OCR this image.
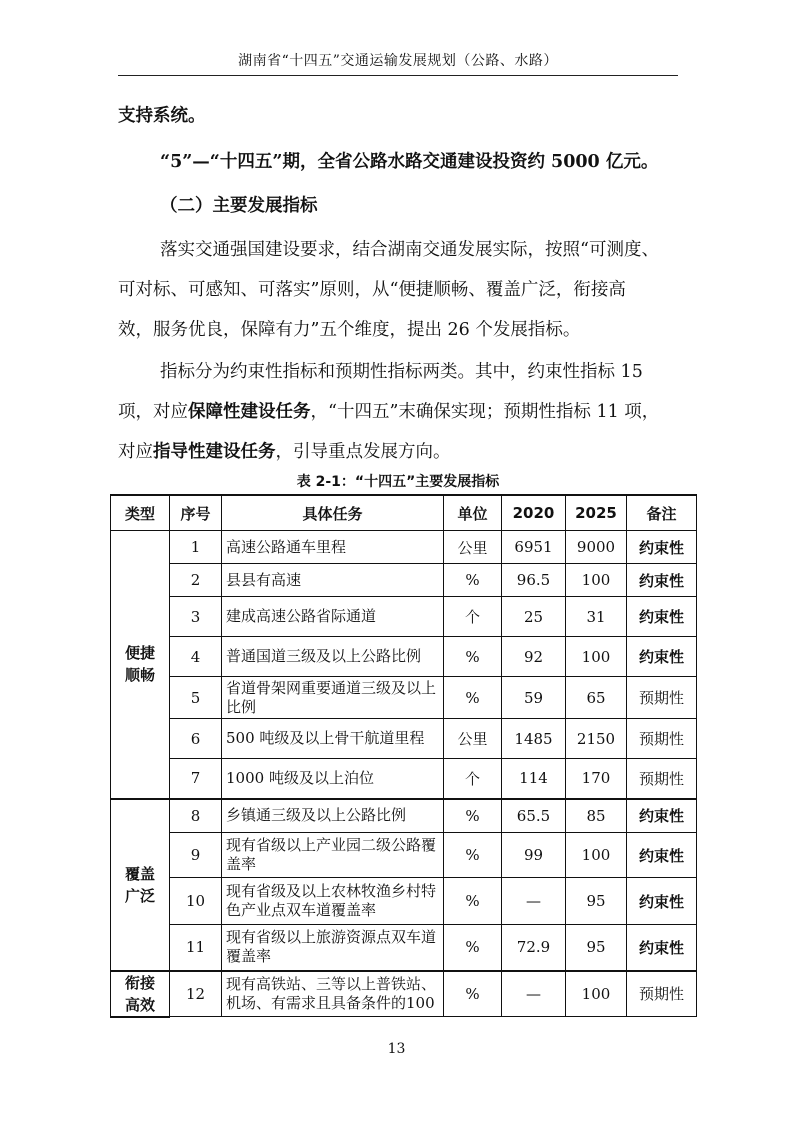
湖南省“十四五”交通运输发展规划（公路、水路）
支持系统。
“5”—“十四五”期，全省公路水路交通建设投资约 5000 亿元。
（二）主要发展指标
落实交通强国建设要求，结合湖南交通发展实际，按照“可测度、
可对标、可感知、可落实”原则，从“便捷顺畅、覆盖广泛，衔接高
效，服务优良，保障有力”五个维度，提出 26 个发展指标。
指标分为约束性指标和预期性指标两类。其中，约束性指标 15
项，对应保障性建设任务，“十四五”末确保实现；预期性指标 11 项，
对应指导性建设任务，引导重点发展方向。
表 2-1：“十四五”主要发展指标
类型	序号	具体任务	单位	2020	2025	备注
便捷
顺畅	1	高速公路通车里程	公里	6951	9000	约束性
	2	县县有高速	%	96.5	100	约束性
	3	建成高速公路省际通道	个	25	31	约束性
	4	普通国道三级及以上公路比例	%	92	100	约束性
	5	省道骨架网重要通道三级及以上比例	%	59	65	预期性
	6	500 吨级及以上骨干航道里程	公里	1485	2150	预期性
	7	1000 吨级及以上泊位	个	114	170	预期性
覆盖
广泛	8	乡镇通三级及以上公路比例	%	65.5	85	约束性
	9	现有省级以上产业园二级公路覆盖率	%	99	100	约束性
	10	现有省级及以上农林牧渔乡村特色产业点双车道覆盖率	%	—	95	约束性
	11	现有省级以上旅游资源点双车道覆盖率	%	72.9	95	约束性
衔接
高效	12	现有高铁站、三等以上普铁站、机场、有需求且具备条件的100	%	—	100	预期性
13
